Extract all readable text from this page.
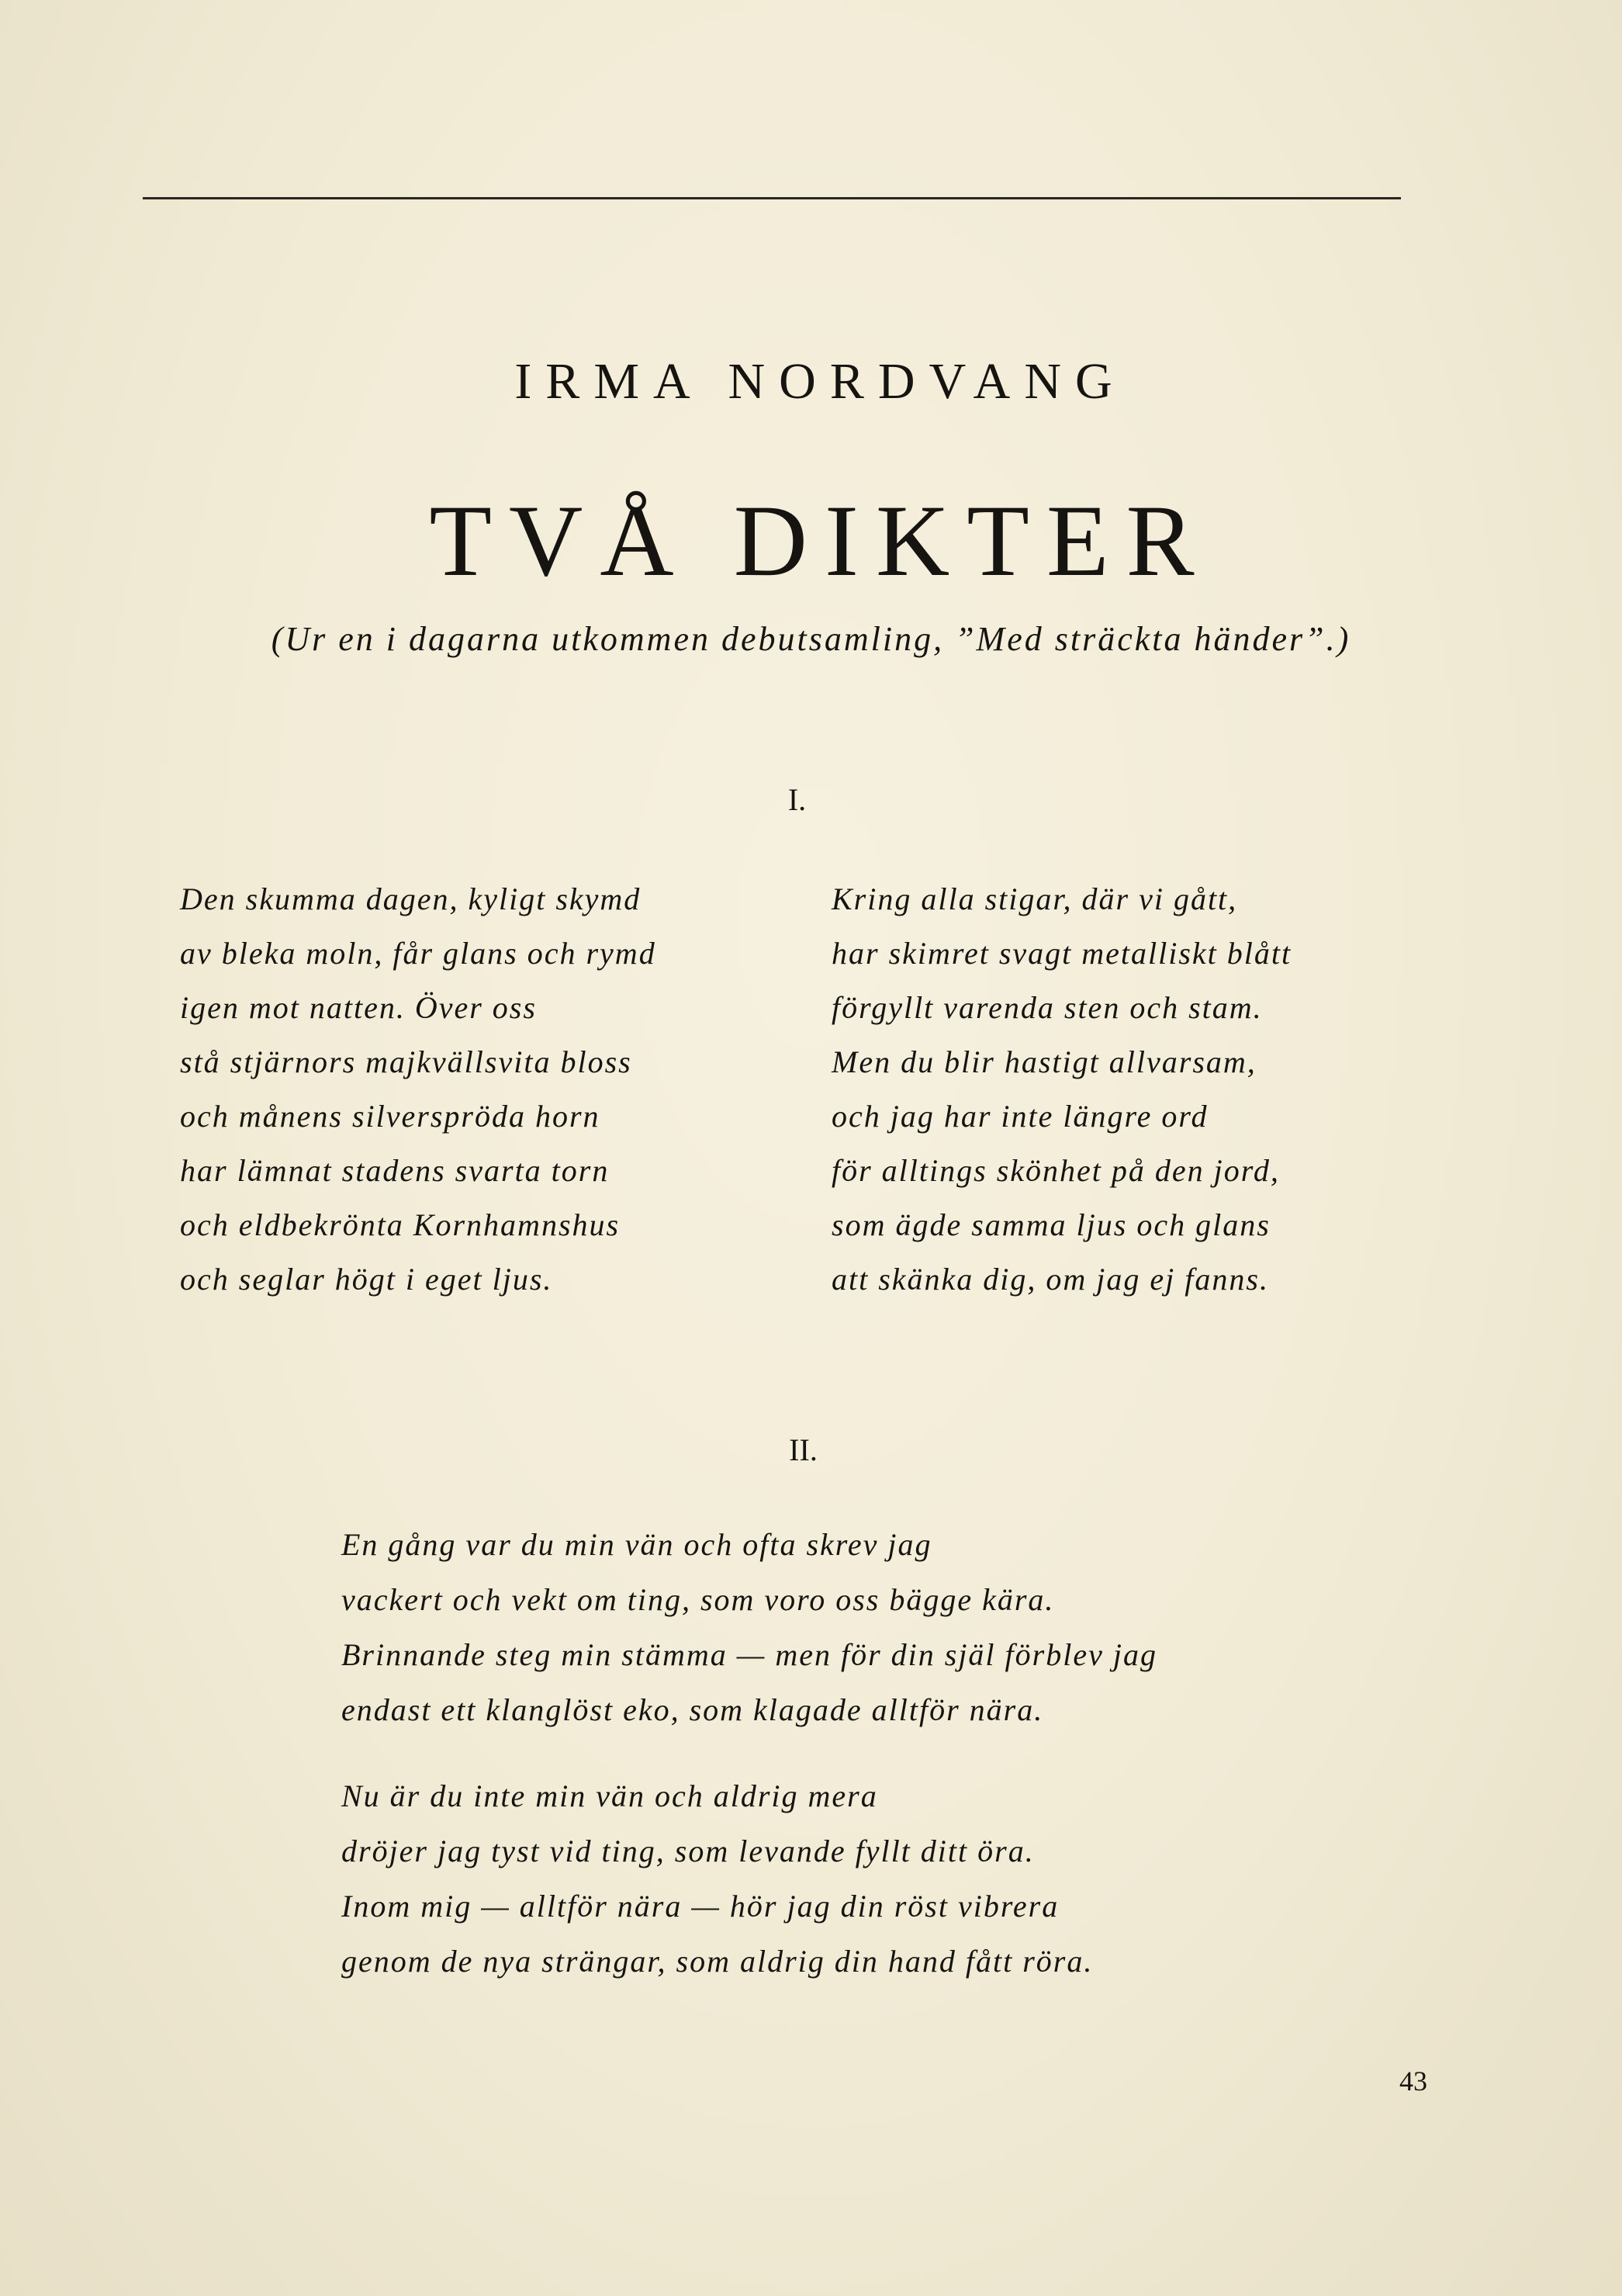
IRMA NORDVANG
TVÅ DIKTER
(Ur en i dagarna utkommen debutsamling, ”Med sträckta händer”.)
I.
Den skumma dagen, kyligt skymd
av bleka moln, får glans och rymd
igen mot natten. Över oss
stå stjärnors majkvällsvita bloss
och månens silverspröda horn
har lämnat stadens svarta torn
och eldbekrönta Kornhamnshus
och seglar högt i eget ljus.
Kring alla stigar, där vi gått,
har skimret svagt metalliskt blått
förgyllt varenda sten och stam.
Men du blir hastigt allvarsam,
och jag har inte längre ord
för alltings skönhet på den jord,
som ägde samma ljus och glans
att skänka dig, om jag ej fanns.
II.
En gång var du min vän och ofta skrev jag
vackert och vekt om ting, som voro oss bägge kära.
Brinnande steg min stämma — men för din själ förblev jag
endast ett klanglöst eko, som klagade alltför nära.
Nu är du inte min vän och aldrig mera
dröjer jag tyst vid ting, som levande fyllt ditt öra.
Inom mig — alltför nära — hör jag din röst vibrera
genom de nya strängar, som aldrig din hand fått röra.
43
